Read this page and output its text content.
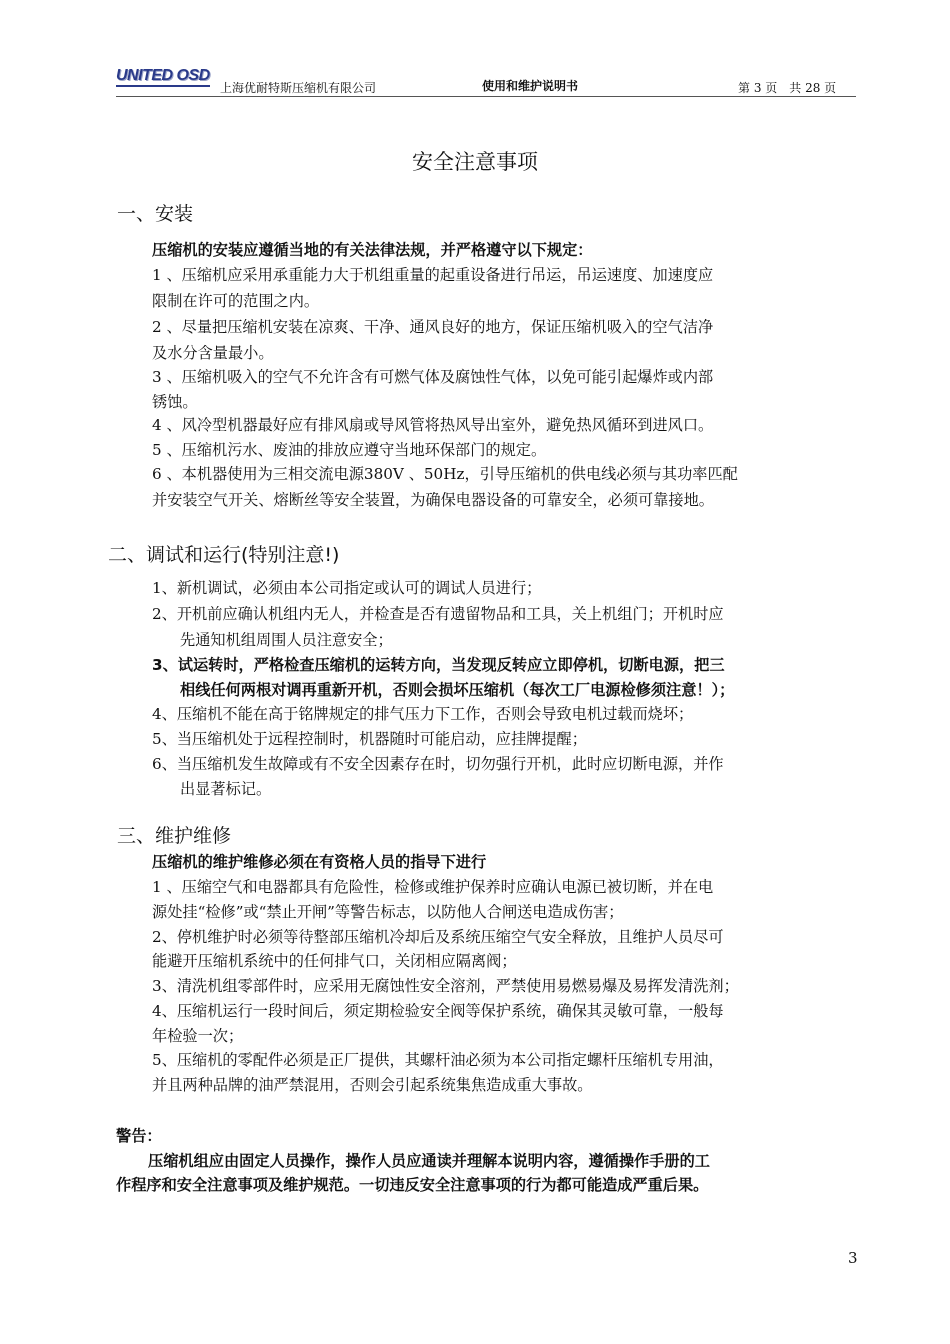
UNITED OSD
上海优耐特斯压缩机有限公司	使用和维护说明书	第 3 页　共 28 页
安全注意事项
一、安装
压缩机的安装应遵循当地的有关法律法规，并严格遵守以下规定：
1 、压缩机应采用承重能力大于机组重量的起重设备进行吊运，吊运速度、加速度应
限制在许可的范围之内。
2 、尽量把压缩机安装在凉爽、干净、通风良好的地方，保证压缩机吸入的空气洁净
及水分含量最小。
3 、压缩机吸入的空气不允许含有可燃气体及腐蚀性气体，以免可能引起爆炸或内部
锈蚀。
4 、风冷型机器最好应有排风扇或导风管将热风导出室外，避免热风循环到进风口。
5 、压缩机污水、废油的排放应遵守当地环保部门的规定。
6 、本机器使用为三相交流电源380V 、50Hz，引导压缩机的供电线必须与其功率匹配
并安装空气开关、熔断丝等安全装置，为确保电器设备的可靠安全，必须可靠接地。
二、调试和运行(特别注意!)
1、新机调试，必须由本公司指定或认可的调试人员进行；
2、开机前应确认机组内无人，并检查是否有遗留物品和工具，关上机组门；开机时应
先通知机组周围人员注意安全；
3、试运转时，严格检查压缩机的运转方向，当发现反转应立即停机，切断电源，把三
相线任何两根对调再重新开机，否则会损坏压缩机（每次工厂电源检修须注意！）；
4、压缩机不能在高于铭牌规定的排气压力下工作，否则会导致电机过载而烧坏；
5、当压缩机处于远程控制时，机器随时可能启动，应挂牌提醒；
6、当压缩机发生故障或有不安全因素存在时，切勿强行开机，此时应切断电源，并作
出显著标记。
三、维护维修
压缩机的维护维修必须在有资格人员的指导下进行
1 、压缩空气和电器都具有危险性，检修或维护保养时应确认电源已被切断，并在电
源处挂“检修”或“禁止开闸”等警告标志，以防他人合闸送电造成伤害；
2、停机维护时必须等待整部压缩机冷却后及系统压缩空气安全释放，且维护人员尽可
能避开压缩机系统中的任何排气口，关闭相应隔离阀；
3、清洗机组零部件时，应采用无腐蚀性安全溶剂，严禁使用易燃易爆及易挥发清洗剂；
4、压缩机运行一段时间后，须定期检验安全阀等保护系统，确保其灵敏可靠，一般每
年检验一次；
5、压缩机的零配件必须是正厂提供，其螺杆油必须为本公司指定螺杆压缩机专用油，
并且两种品牌的油严禁混用，否则会引起系统集焦造成重大事故。
警告：
压缩机组应由固定人员操作，操作人员应通读并理解本说明内容，遵循操作手册的工
作程序和安全注意事项及维护规范。一切违反安全注意事项的行为都可能造成严重后果。
3
